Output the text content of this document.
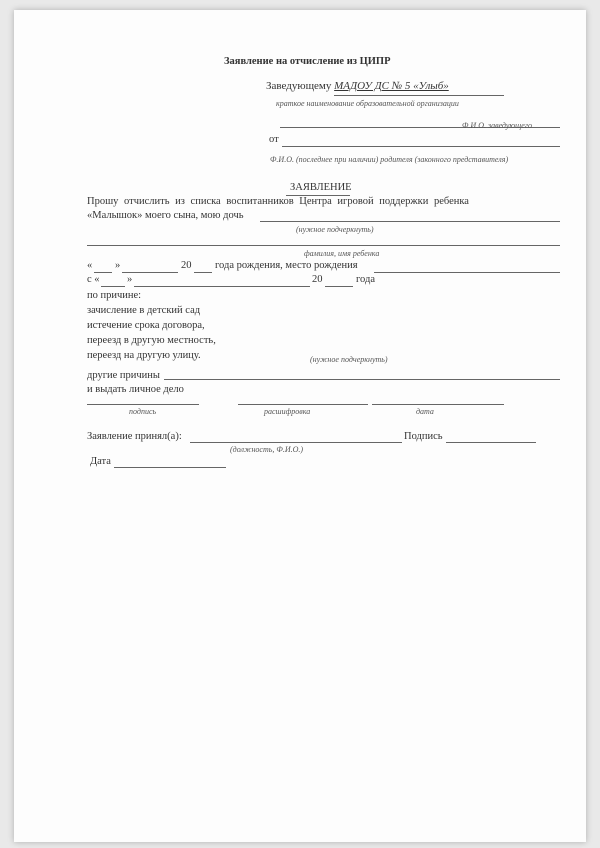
Заявление на отчисление из ЦИПР
Заведующему МАДОУ ДС № 5 «Улыб»
краткое наименование образовательной организации
Ф.И.О. заведующего
от
Ф.И.О. (последнее при наличии) родителя (законного представителя)
ЗАЯВЛЕНИЕ
Прошу отчислить из списка воспитанников Центра игровой поддержки ребенка
«Малышок» моего сына, мою дочь
(нужное подчеркнуть)
фамилия, имя ребенка
« »	20 года рождения, место рождения
с «	»	20	года
по причине:
зачисление в детский сад
истечение срока договора,
переезд в другую местность,
переезд на другую улицу.	(нужное подчеркнуть)
другие причины
и выдать личное дело
подпись	расшифровка	дата
Заявление принял(а):	Подпись
(должность, Ф.И.О.)
Дата
